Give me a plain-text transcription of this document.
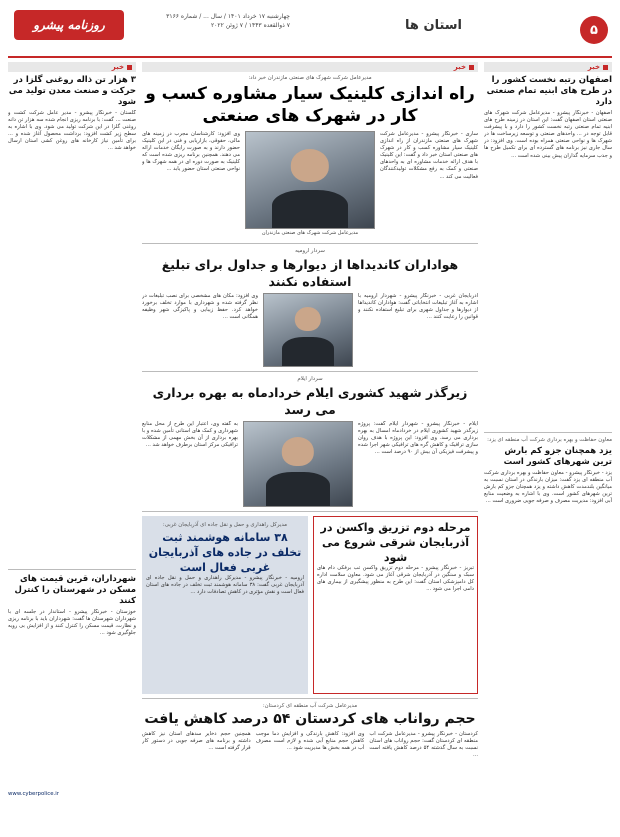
۵
استان ها
روزنامه پیشرو
چهارشنبه ۱۷ خرداد ۱۴۰۱ / سال ... / شماره ۳۱۶۶
۷ ذوالقعده ۱۴۴۳ / ۷ ژوئن ۲۰۲۲
خبر
اصفهان رتبه نخست کشور را در طرح های ابنیه تمام صنعتی دارد
اصفهان - خبرنگار پیشرو - مدیرعامل شرکت شهرک های صنعتی استان اصفهان گفت: این استان در زمینه طرح های ابنیه تمام صنعتی رتبه نخست کشور را دارد و با پیشرفت قابل توجه در ... واحدهای صنعتی و توسعه زیرساخت ها در شهرک ها و نواحی صنعتی همراه بوده است. وی افزود: در سال جاری نیز برنامه های گسترده ای برای تکمیل طرح ها و جذب سرمایه گذاران پیش بینی شده است ...
معاون حفاظت و بهره برداری شرکت آب منطقه ای یزد:
یزد همچنان جزو کم بارش ترین شهرهای کشور است
یزد - خبرنگار پیشرو - معاون حفاظت و بهره برداری شرکت آب منطقه ای یزد گفت: میزان بارندگی در استان نسبت به میانگین بلندمدت کاهش داشته و یزد همچنان جزو کم بارش ترین شهرهای کشور است. وی با اشاره به وضعیت منابع آبی افزود: مدیریت مصرف و صرفه جویی ضروری است ...
خبر
۳ هزار تن ذاله روغنی گلزا در حرکت و صنعت معدن تولید می شود
گلستان - خبرنگار پیشرو - مدیر عامل شرکت کشت و صنعت ... گفت: با برنامه ریزی انجام شده سه هزار تن دانه روغنی گلزا در این شرکت تولید می شود. وی با اشاره به سطح زیر کشت افزود: برداشت محصول آغاز شده و ... برای تأمین نیاز کارخانه های روغن کشی استان ارسال خواهد شد ...
شهرداران، قرین قیمت های مسکن در شهرستان را کنترل کنند
خوزستان - خبرنگار پیشرو - استاندار در جلسه ای با شهرداران شهرستان ها گفت: شهرداران باید با برنامه ریزی و نظارت، قیمت مسکن را کنترل کنند و از افزایش بی رویه جلوگیری شود ...
www.cyberpolice.ir
خبر
مدیرعامل شرکت شهرک های صنعتی مازندران خبر داد:
راه اندازی کلینیک سیار مشاوره کسب و کار در شهرک های صنعتی
ساری - خبرنگار پیشرو - مدیرعامل شرکت شهرک های صنعتی مازندران از راه اندازی کلینیک سیار مشاوره کسب و کار در شهرک های صنعتی استان خبر داد و گفت: این کلینیک با هدف ارائه خدمات مشاوره ای به واحدهای صنعتی و کمک به رفع مشکلات تولیدکنندگان فعالیت می کند ...
مدیرعامل شرکت شهرک های صنعتی مازندران
وی افزود: کارشناسان مجرب در زمینه های مالی، حقوقی، بازاریابی و فنی در این کلینیک حضور دارند و به صورت رایگان خدمات ارائه می دهند. همچنین برنامه ریزی شده است که کلینیک به صورت دوره ای در همه شهرک ها و نواحی صنعتی استان حضور یابد ...
سردار ارومیه
هواداران کاندیداها از دیوارها و جداول برای تبلیغ استفاده نکنند
آذربایجان غربی - خبرنگار پیشرو - شهردار ارومیه با اشاره به آغاز تبلیغات انتخاباتی گفت: هواداران کاندیداها از دیوارها و جداول شهری برای تبلیغ استفاده نکنند و قوانین را رعایت کنند ...
وی افزود: مکان های مشخصی برای نصب تبلیغات در نظر گرفته شده و شهرداری با موارد تخلف برخورد خواهد کرد. حفظ زیبایی و پاکیزگی شهر وظیفه همگانی است ...
سردار ایلام
زیرگذر شهید کشوری ایلام خردادماه به بهره برداری می رسد
ایلام - خبرنگار پیشرو - شهردار ایلام گفت: پروژه زیرگذر شهید کشوری ایلام در خردادماه امسال به بهره برداری می رسد. وی افزود: این پروژه با هدف روان سازی ترافیک و کاهش گره های ترافیکی شهر اجرا شده و پیشرفت فیزیکی آن بیش از ۹۰ درصد است ...
به گفته وی، اعتبار این طرح از محل منابع شهرداری و کمک های استانی تأمین شده و با بهره برداری از آن بخش مهمی از مشکلات ترافیکی مرکز استان برطرف خواهد شد ...
مرحله دوم تزریق واکسن در آذربایجان شرقی شروع می شود
تبریز - خبرنگار پیشرو - مرحله دوم تزریق واکسن تب برفکی دام های سبک و سنگین در آذربایجان شرقی آغاز می شود. معاون سلامت اداره کل دامپزشکی استان گفت: این طرح به منظور پیشگیری از بیماری های دامی اجرا می شود ...
مدیرکل راهداری و حمل و نقل جاده ای آذربایجان غربی:
۳۸ سامانه هوشمند ثبت تخلف در جاده های آذربایجان غربی فعال است
ارومیه - خبرنگار پیشرو - مدیرکل راهداری و حمل و نقل جاده ای آذربایجان غربی گفت: ۳۸ سامانه هوشمند ثبت تخلف در جاده های استان فعال است و نقش مؤثری در کاهش تصادفات دارد ...
مدیرعامل شرکت آب منطقه ای کردستان:
حجم رواناب های کردستان ۵۴ درصد کاهش یافت
کردستان - خبرنگار پیشرو - مدیرعامل شرکت آب منطقه ای کردستان گفت: حجم رواناب های استان نسبت به سال گذشته ۵۴ درصد کاهش یافته است ...
وی افزود: کاهش بارندگی و افزایش دما موجب کاهش حجم منابع آبی شده و لازم است مصرف آب در همه بخش ها مدیریت شود ...
همچنین حجم ذخایر سدهای استان نیز کاهش داشته و برنامه های صرفه جویی در دستور کار قرار گرفته است ...
